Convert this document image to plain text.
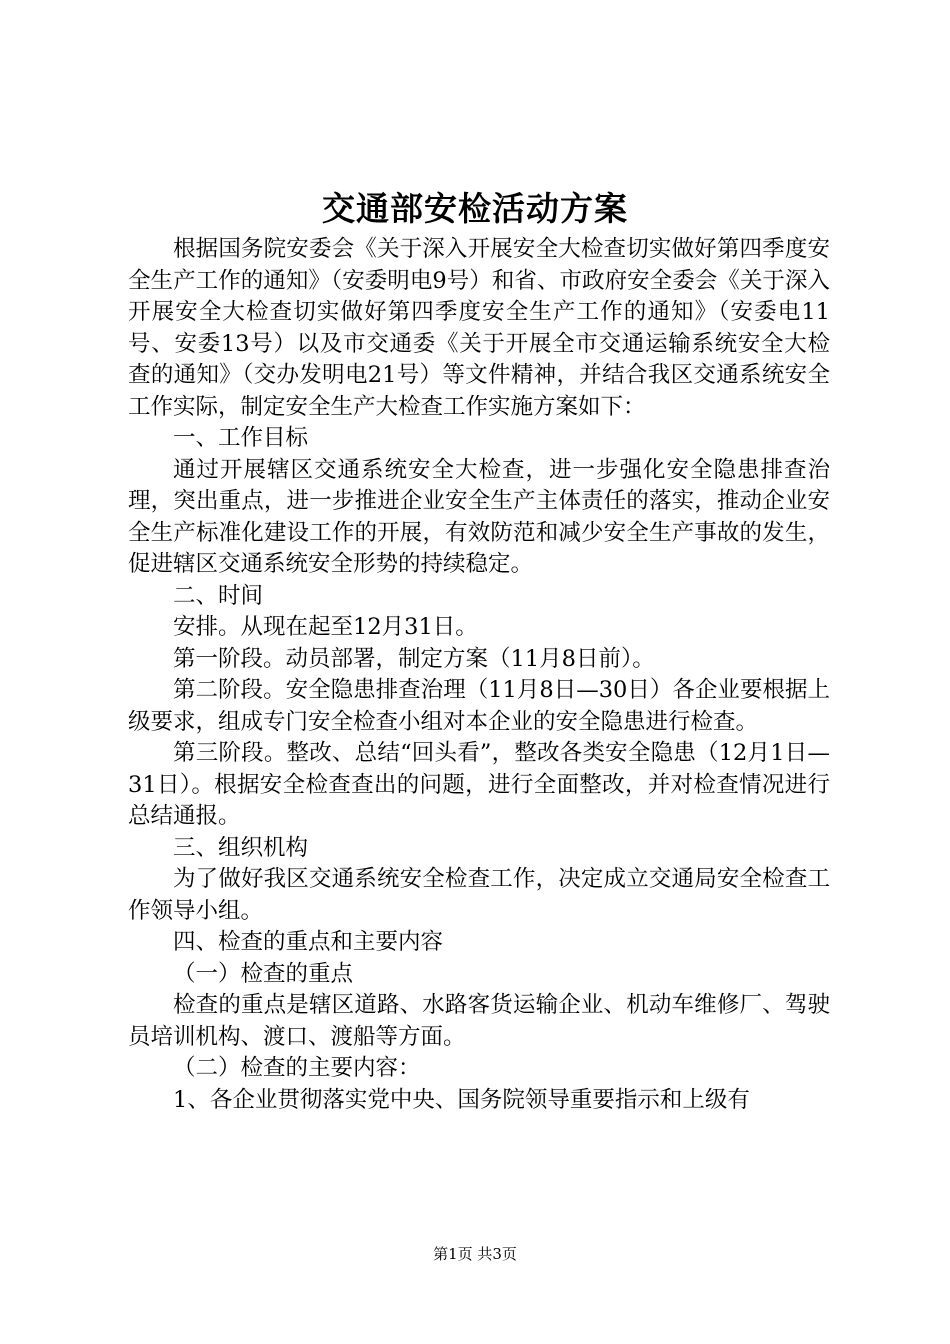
交通部安检活动方案

根据国务院安委会《关于深入开展安全大检查切实做好第四季度安全生产工作的通知》（安委明电9号）和省、市政府安全委会《关于深入开展安全大检查切实做好第四季度安全生产工作的通知》（安委电11号、安委13号）以及市交通委《关于开展全市交通运输系统安全大检查的通知》（交办发明电21号）等文件精神，并结合我区交通系统安全工作实际，制定安全生产大检查工作实施方案如下：

一、工作目标

通过开展辖区交通系统安全大检查，进一步强化安全隐患排查治理，突出重点，进一步推进企业安全生产主体责任的落实，推动企业安全生产标准化建设工作的开展，有效防范和减少安全生产事故的发生，促进辖区交通系统安全形势的持续稳定。

二、时间

安排。从现在起至12月31日。

第一阶段。动员部署，制定方案（11月8日前）。

第二阶段。安全隐患排查治理（11月8日—30日）各企业要根据上级要求，组成专门安全检查小组对本企业的安全隐患进行检查。

第三阶段。整改、总结“回头看”，整改各类安全隐患（12月1日—31日）。根据安全检查查出的问题，进行全面整改，并对检查情况进行总结通报。

三、组织机构

为了做好我区交通系统安全检查工作，决定成立交通局安全检查工作领导小组。

四、检查的重点和主要内容

（一）检查的重点

检查的重点是辖区道路、水路客货运输企业、机动车维修厂、驾驶员培训机构、渡口、渡船等方面。

（二）检查的主要内容：

1、各企业贯彻落实党中央、国务院领导重要指示和上级有

第1页 共3页
